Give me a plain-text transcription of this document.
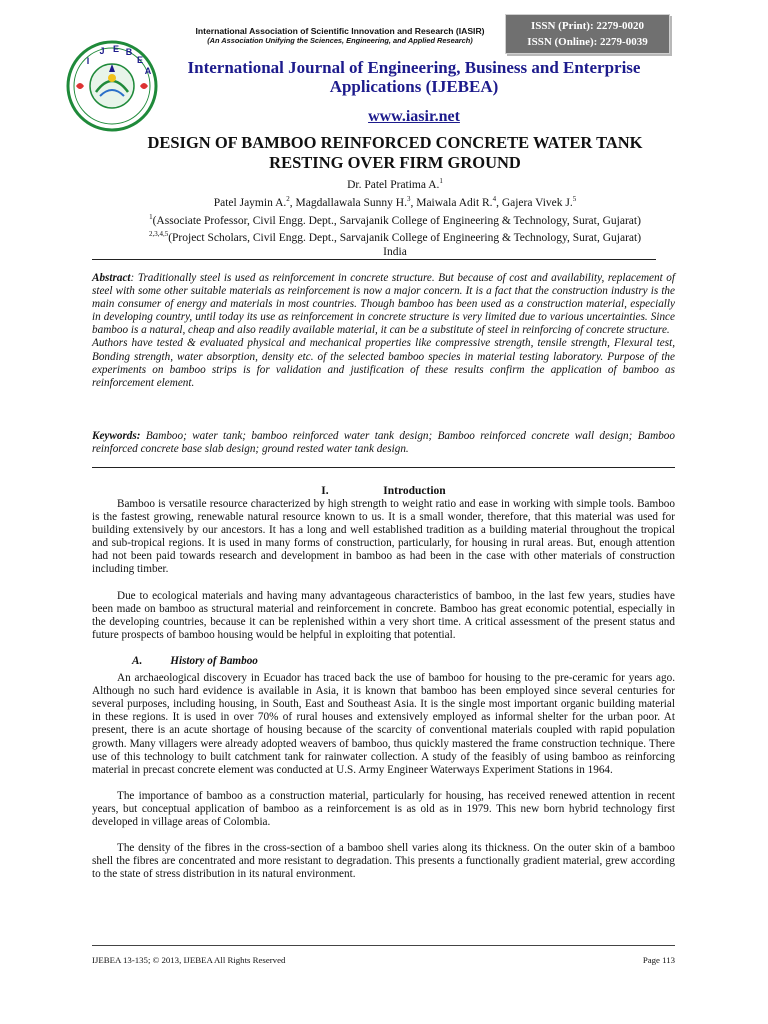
International Association of Scientific Innovation and Research (IASIR)
(An Association Unifying the Sciences, Engineering, and Applied Research)
ISSN (Print): 2279-0020
ISSN (Online): 2279-0039
I
J E B
E
A	International Journal of Engineering, Business and Enterprise
Applications (IJEBEA)
www.iasir.net
DESIGN OF BAMBOO REINFORCED CONCRETE WATER TANK
RESTING OVER FIRM GROUND
Dr. Patel Pratima A.$^1$
Patel Jaymin A.$^2$, Magdallawala Sunny H.$^3$, Maiwala Adit R.$^4$, Gajera Vivek J.$^5$
$^1$(Associate Professor, Civil Engg. Dept., Sarvajanik College of Engineering & Technology, Surat, Gujarat)
$^{2,3,4,5}$(Project Scholars, Civil Engg. Dept., Sarvajanik College of Engineering & Technology, Surat, Gujarat)
India

Abstract: Traditionally steel is used as reinforcement in concrete structure. But because of cost and availability, replacement of steel with some other suitable materials as reinforcement is now a major concern. It is a fact that the construction industry is the main consumer of energy and materials in most countries. Though bamboo has been used as a construction material, especially in developing country, until today its use as reinforcement in concrete structure is very limited due to various uncertainties. Since bamboo is a natural, cheap and also readily available material, it can be a substitute of steel in reinforcing of concrete structure.

Authors have tested & evaluated physical and mechanical properties like compressive strength, tensile strength, Flexural test, Bonding strength, water absorption, density etc. of the selected bamboo species in material testing laboratory. Purpose of the experiments on bamboo strips is for validation and justification of these results confirm the application of bamboo as reinforcement element.

Keywords: Bamboo; water tank; bamboo reinforced water tank design; Bamboo reinforced concrete wall design; Bamboo reinforced concrete base slab design; ground rested water tank design.
I.	Introduction

Bamboo is versatile resource characterized by high strength to weight ratio and ease in working with simple tools. Bamboo is the fastest growing, renewable natural resource known to us. It is a small wonder, therefore, that this material was used for building extensively by our ancestors. It has a long and well established tradition as a building material throughout the tropical and sub-tropical regions. It is used in many forms of construction, particularly, for housing in rural areas. But, enough attention had not been paid towards research and development in bamboo as had been in the case with other materials of construction including timber.

Due to ecological materials and having many advantageous characteristics of bamboo, in the last few years, studies have been made on bamboo as structural material and reinforcement in concrete. Bamboo has great economic potential, especially in the developing countries, because it can be replenished within a very short time. A critical assessment of the present status and future prospects of bamboo housing would be helpful in exploiting that potential.

A.	History of Bamboo

An archaeological discovery in Ecuador has traced back the use of bamboo for housing to the pre-ceramic for years ago. Although no such hard evidence is available in Asia, it is known that bamboo has been employed since several centuries for several purposes, including housing, in South, East and Southeast Asia. It is the single most important organic building material in these regions. It is used in over 70% of rural houses and extensively employed as informal shelter for the urban poor. At present, there is an acute shortage of housing because of the scarcity of conventional materials coupled with rapid population growth. Many villagers were already adopted weavers of bamboo, thus quickly mastered the frame construction technique. There use of this technology to built catchment tank for rainwater collection. A study of the feasibly of using bamboo as reinforcing material in precast concrete element was conducted at U.S. Army Engineer Waterways Experiment Stations in 1964.

The importance of bamboo as a construction material, particularly for housing, has received renewed attention in recent years, but conceptual application of bamboo as a reinforcement is as old as in 1979. This new born hybrid technology first developed in village areas of Colombia.

The density of the fibres in the cross-section of a bamboo shell varies along its thickness. On the outer skin of a bamboo shell the fibres are concentrated and more resistant to degradation. This presents a functionally gradient material, grew according to the state of stress distribution in its natural environment.

IJEBEA 13-135; © 2013, IJEBEA All Rights Reserved	Page 113
